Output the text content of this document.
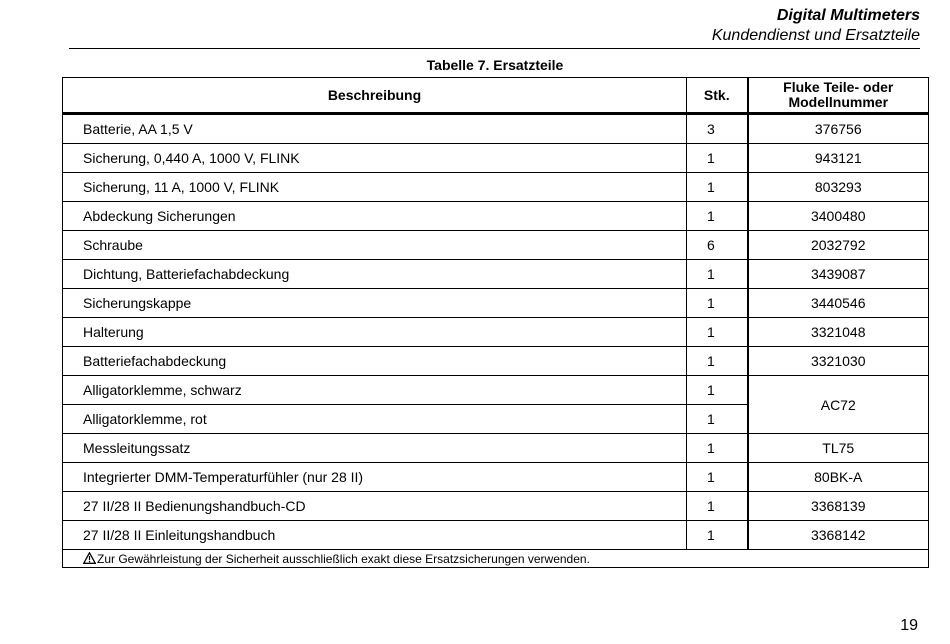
Digital Multimeters
Kundendienst und Ersatzteile
Tabelle 7. Ersatzteile
Beschreibung	Stk.	Fluke Teile- oder
Modellnummer
Batterie, AA 1,5 V	3	376756
Sicherung, 0,440 A, 1000 V, FLINK	1	943121
Sicherung, 11 A, 1000 V, FLINK	1	803293
Abdeckung Sicherungen	1	3400480
Schraube	6	2032792
Dichtung, Batteriefachabdeckung	1	3439087
Sicherungskappe	1	3440546
Halterung	1	3321048
Batteriefachabdeckung	1	3321030
Alligatorklemme, schwarz	1	AC72
Alligatorklemme, rot	1	
Messleitungssatz	1	TL75
Integrierter DMM-Temperaturfühler (nur 28 II)	1	80BK-A
27 II/28 II Bedienungshandbuch-CD	1	3368139
27 II/28 II Einleitungshandbuch	1	3368142
Zur Gewährleistung der Sicherheit ausschließlich exakt diese Ersatzsicherungen verwenden.		
19
